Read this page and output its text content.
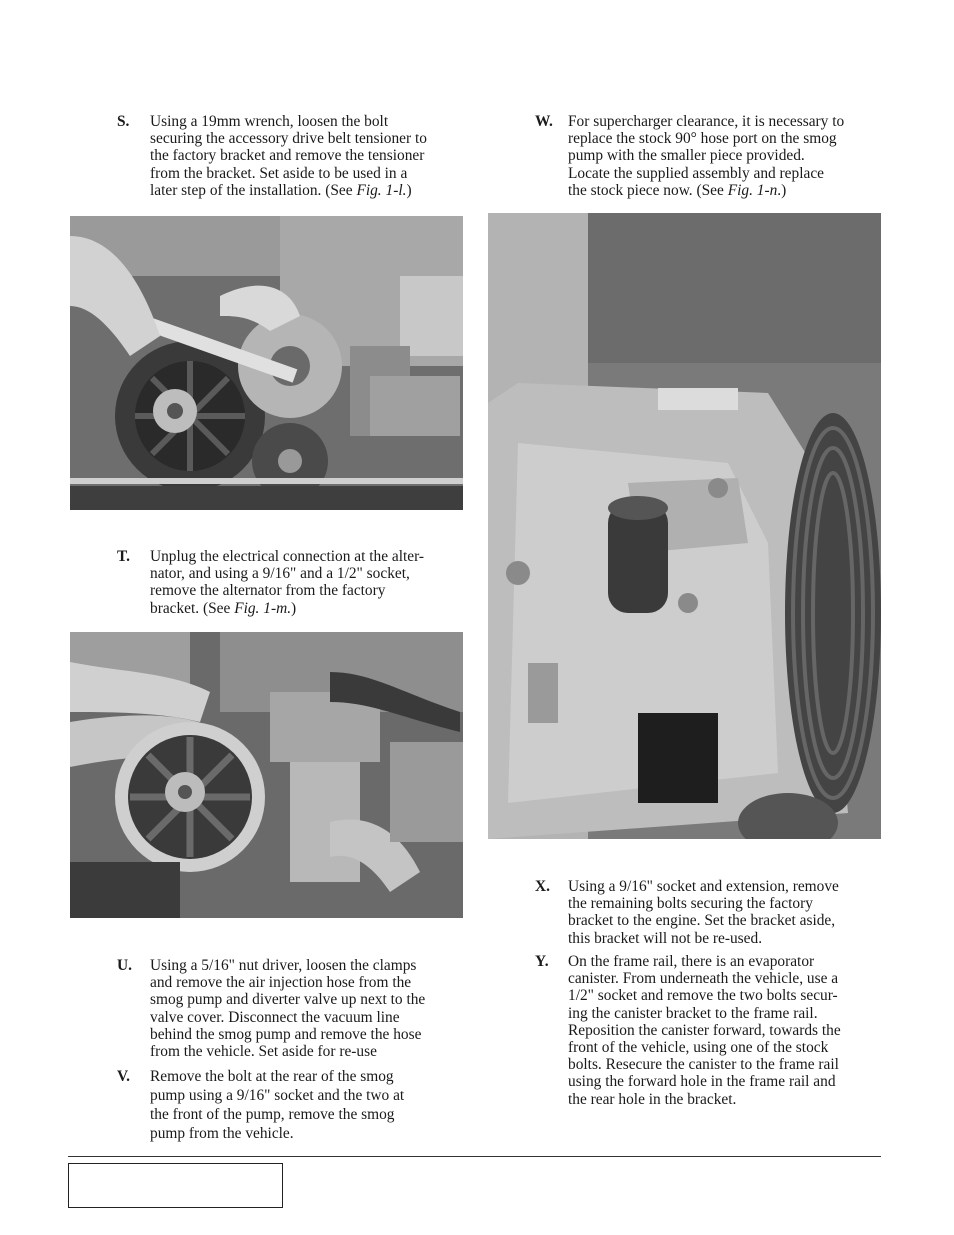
S. Using a 19mm wrench, loosen the bolt
securing the accessory drive belt tensioner to
the factory bracket and remove the tensioner
from the bracket. Set aside to be used in a
later step of the installation. (See Fig. 1-l.)
T. Unplug the electrical connection at the alter-
nator, and using a 9/16" and a 1/2" socket,
remove the alternator from the factory
bracket. (See Fig. 1-m.)
U. Using a 5/16" nut driver, loosen the clamps
and remove the air injection hose from the
smog pump and diverter valve up next to the
valve cover. Disconnect the vacuum line
behind the smog pump and remove the hose
from the vehicle. Set aside for re-use
V. Remove the bolt at the rear of the smog
pump using a 9/16" socket and the two at
the front of the pump, remove the smog
pump from the vehicle.
W. For supercharger clearance, it is necessary to
replace the stock 90° hose port on the smog
pump with the smaller piece provided.
Locate the supplied assembly and replace
the stock piece now. (See Fig. 1-n.)
X. Using a 9/16" socket and extension, remove
the remaining bolts securing the factory
bracket to the engine. Set the bracket aside,
this bracket will not be re-used.
Y. On the frame rail, there is an evaporator
canister. From underneath the vehicle, use a
1/2" socket and remove the two bolts secur-
ing the canister bracket to the frame rail.
Reposition the canister forward, towards the
front of the vehicle, using one of the stock
bolts. Resecure the canister to the frame rail
using the forward hole in the frame rail and
the rear hole in the bracket.
